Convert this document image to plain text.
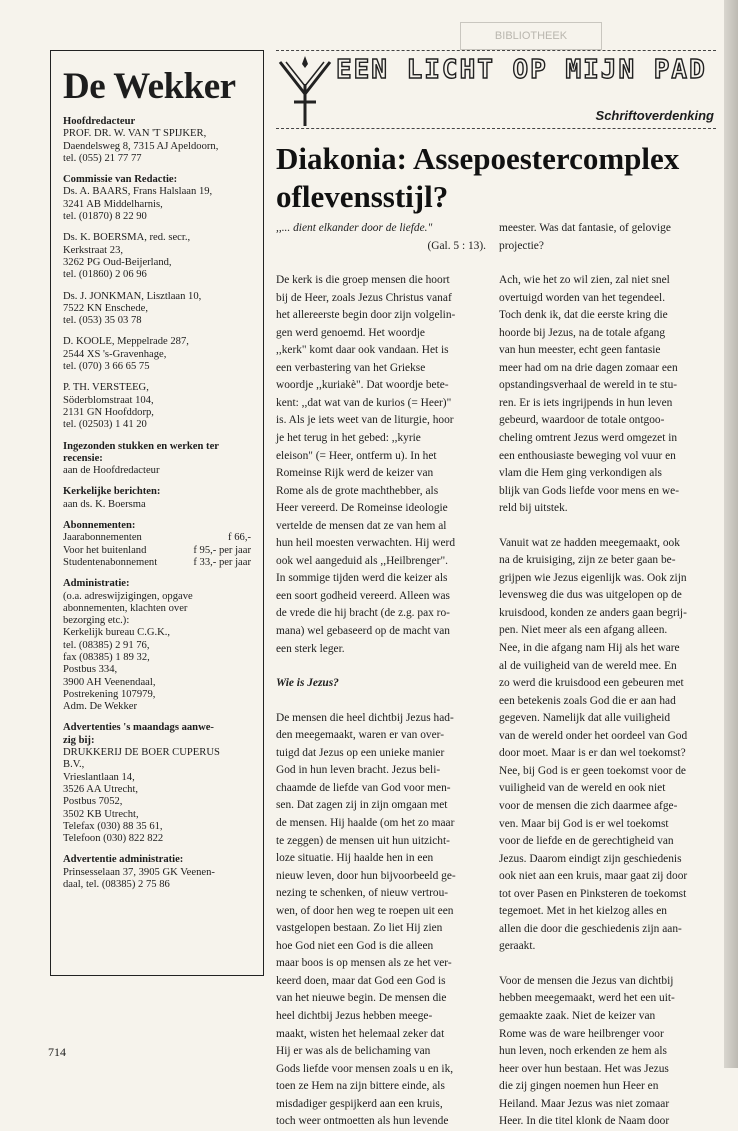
BIBLIOTHEEK
De Wekker
Hoofdredacteur
PROF. DR. W. VAN 'T SPIJKER,
Daendelsweg 8, 7315 AJ Apeldoorn,
tel. (055) 21 77 77
Commissie van Redactie:
Ds. A. BAARS, Frans Halslaan 19,
3241 AB Middelharnis,
tel. (01870) 8 22 90
Ds. K. BOERSMA, red. secr.,
Kerkstraat 23,
3262 PG Oud-Beijerland,
tel. (01860) 2 06 96
Ds. J. JONKMAN, Lisztlaan 10,
7522 KN Enschede,
tel. (053) 35 03 78
D. KOOLE, Meppelrade 287,
2544 XS 's-Gravenhage,
tel. (070) 3 66 65 75
P. TH. VERSTEEG,
Söderblomstraat 104,
2131 GN Hoofddorp,
tel. (02503) 1 41 20
Ingezonden stukken en werken ter
recensie:
aan de Hoofdredacteur
Kerkelijke berichten:
aan ds. K. Boersma
Abonnementen:
Jaarabonnementen	f 66,-
Voor het buitenland	f 95,- per jaar
Studentenabonnement	f 33,- per jaar
Administratie:
(o.a. adreswijzigingen, opgave
abonnementen, klachten over
bezorging etc.):
Kerkelijk bureau C.G.K.,
tel. (08385) 2 91 76,
fax (08385) 1 89 32,
Postbus 334,
3900 AH Veenendaal,
Postrekening 107979,
Adm. De Wekker
Advertenties 's maandags aanwe-
zig bij:
DRUKKERIJ DE BOER CUPERUS
B.V.,
Vrieslantlaan 14,
3526 AA Utrecht,
Postbus 7052,
3502 KB Utrecht,
Telefax (030) 88 35 61,
Telefoon (030) 822 822
Advertentie administratie:
Prinsesselaan 37, 3905 GK Veenen-
daal, tel. (08385) 2 75 86
EEN LICHT OP MIJN PAD
Schriftoverdenking
Diakonia: Assepoestercomplex oflevensstijl?
,,... dient elkander door de liefde."
(Gal. 5 : 13).
De kerk is die groep mensen die hoort
bij de Heer, zoals Jezus Christus vanaf
het allereerste begin door zijn volgelin-
gen werd genoemd. Het woordje
,,kerk" komt daar ook vandaan. Het is
een verbastering van het Griekse
woordje ,,kuriakè". Dat woordje bete-
kent: ,,dat wat van de kurios (= Heer)"
is. Als je iets weet van de liturgie, hoor
je het terug in het gebed: ,,kyrie
eleison" (= Heer, ontferm u). In het
Romeinse Rijk werd de keizer van
Rome als de grote machthebber, als
Heer vereerd. De Romeinse ideologie
vertelde de mensen dat ze van hem al
hun heil moesten verwachten. Hij werd
ook wel aangeduid als ,,Heilbrenger".
In sommige tijden werd die keizer als
een soort godheid vereerd. Alleen was
de vrede die hij bracht (de z.g. pax ro-
mana) wel gebaseerd op de macht van
een sterk leger.
Wie is Jezus?
De mensen die heel dichtbij Jezus had-
den meegemaakt, waren er van over-
tuigd dat Jezus op een unieke manier
God in hun leven bracht. Jezus beli-
chaamde de liefde van God voor men-
sen. Dat zagen zij in zijn omgaan met
de mensen. Hij haalde (om het zo maar
te zeggen) de mensen uit hun uitzicht-
loze situatie. Hij haalde hen in een
nieuw leven, door hun bijvoorbeeld ge-
nezing te schenken, of nieuw vertrou-
wen, of door hen weg te roepen uit een
vastgelopen bestaan. Zo liet Hij zien
hoe God niet een God is die alleen
maar boos is op mensen als ze het ver-
keerd doen, maar dat God een God is
van het nieuwe begin. De mensen die
heel dichtbij Jezus hebben meege-
maakt, wisten het helemaal zeker dat
Hij er was als de belichaming van
Gods liefde voor mensen zoals u en ik,
toen ze Hem na zijn bittere einde, als
misdadiger gespijkerd aan een kruis,
toch weer ontmoetten als hun levende
meester. Was dat fantasie, of gelovige
projectie?
Ach, wie het zo wil zien, zal niet snel
overtuigd worden van het tegendeel.
Toch denk ik, dat die eerste kring die
hoorde bij Jezus, na de totale afgang
van hun meester, echt geen fantasie
meer had om na drie dagen zomaar een
opstandingsverhaal de wereld in te stu-
ren. Er is iets ingrijpends in hun leven
gebeurd, waardoor de totale ontgoo-
cheling omtrent Jezus werd omgezet in
een enthousiaste beweging vol vuur en
vlam die Hem ging verkondigen als
blijk van Gods liefde voor mens en we-
reld bij uitstek.
Vanuit wat ze hadden meegemaakt, ook
na de kruisiging, zijn ze beter gaan be-
grijpen wie Jezus eigenlijk was. Ook zijn
levensweg die dus was uitgelopen op de
kruisdood, konden ze anders gaan begrij-
pen. Niet meer als een afgang alleen.
Nee, in die afgang nam Hij als het ware
al de vuiligheid van de wereld mee. En
zo werd die kruisdood een gebeuren met
een betekenis zoals God die er aan had
gegeven. Namelijk dat alle vuiligheid
van de wereld onder het oordeel van God
door moet. Maar is er dan wel toekomst?
Nee, bij God is er geen toekomst voor de
vuiligheid van de wereld en ook niet
voor de mensen die zich daarmee afge-
ven. Maar bij God is er wel toekomst
voor de liefde en de gerechtigheid van
Jezus. Daarom eindigt zijn geschiedenis
ook niet aan een kruis, maar gaat zij door
tot over Pasen en Pinksteren de toekomst
tegemoet. Met in het kielzog alles en
allen die door die geschiedenis zijn aan-
geraakt.
Voor de mensen die Jezus van dichtbij
hebben meegemaakt, werd het een uit-
gemaakte zaak. Niet de keizer van
Rome was de ware heilbrenger voor
hun leven, noch erkenden ze hem als
heer over hun bestaan. Het was Jezus
die zij gingen noemen hun Heer en
Heiland. Maar Jezus was niet zomaar
Heer. In die titel klonk de Naam door
714
